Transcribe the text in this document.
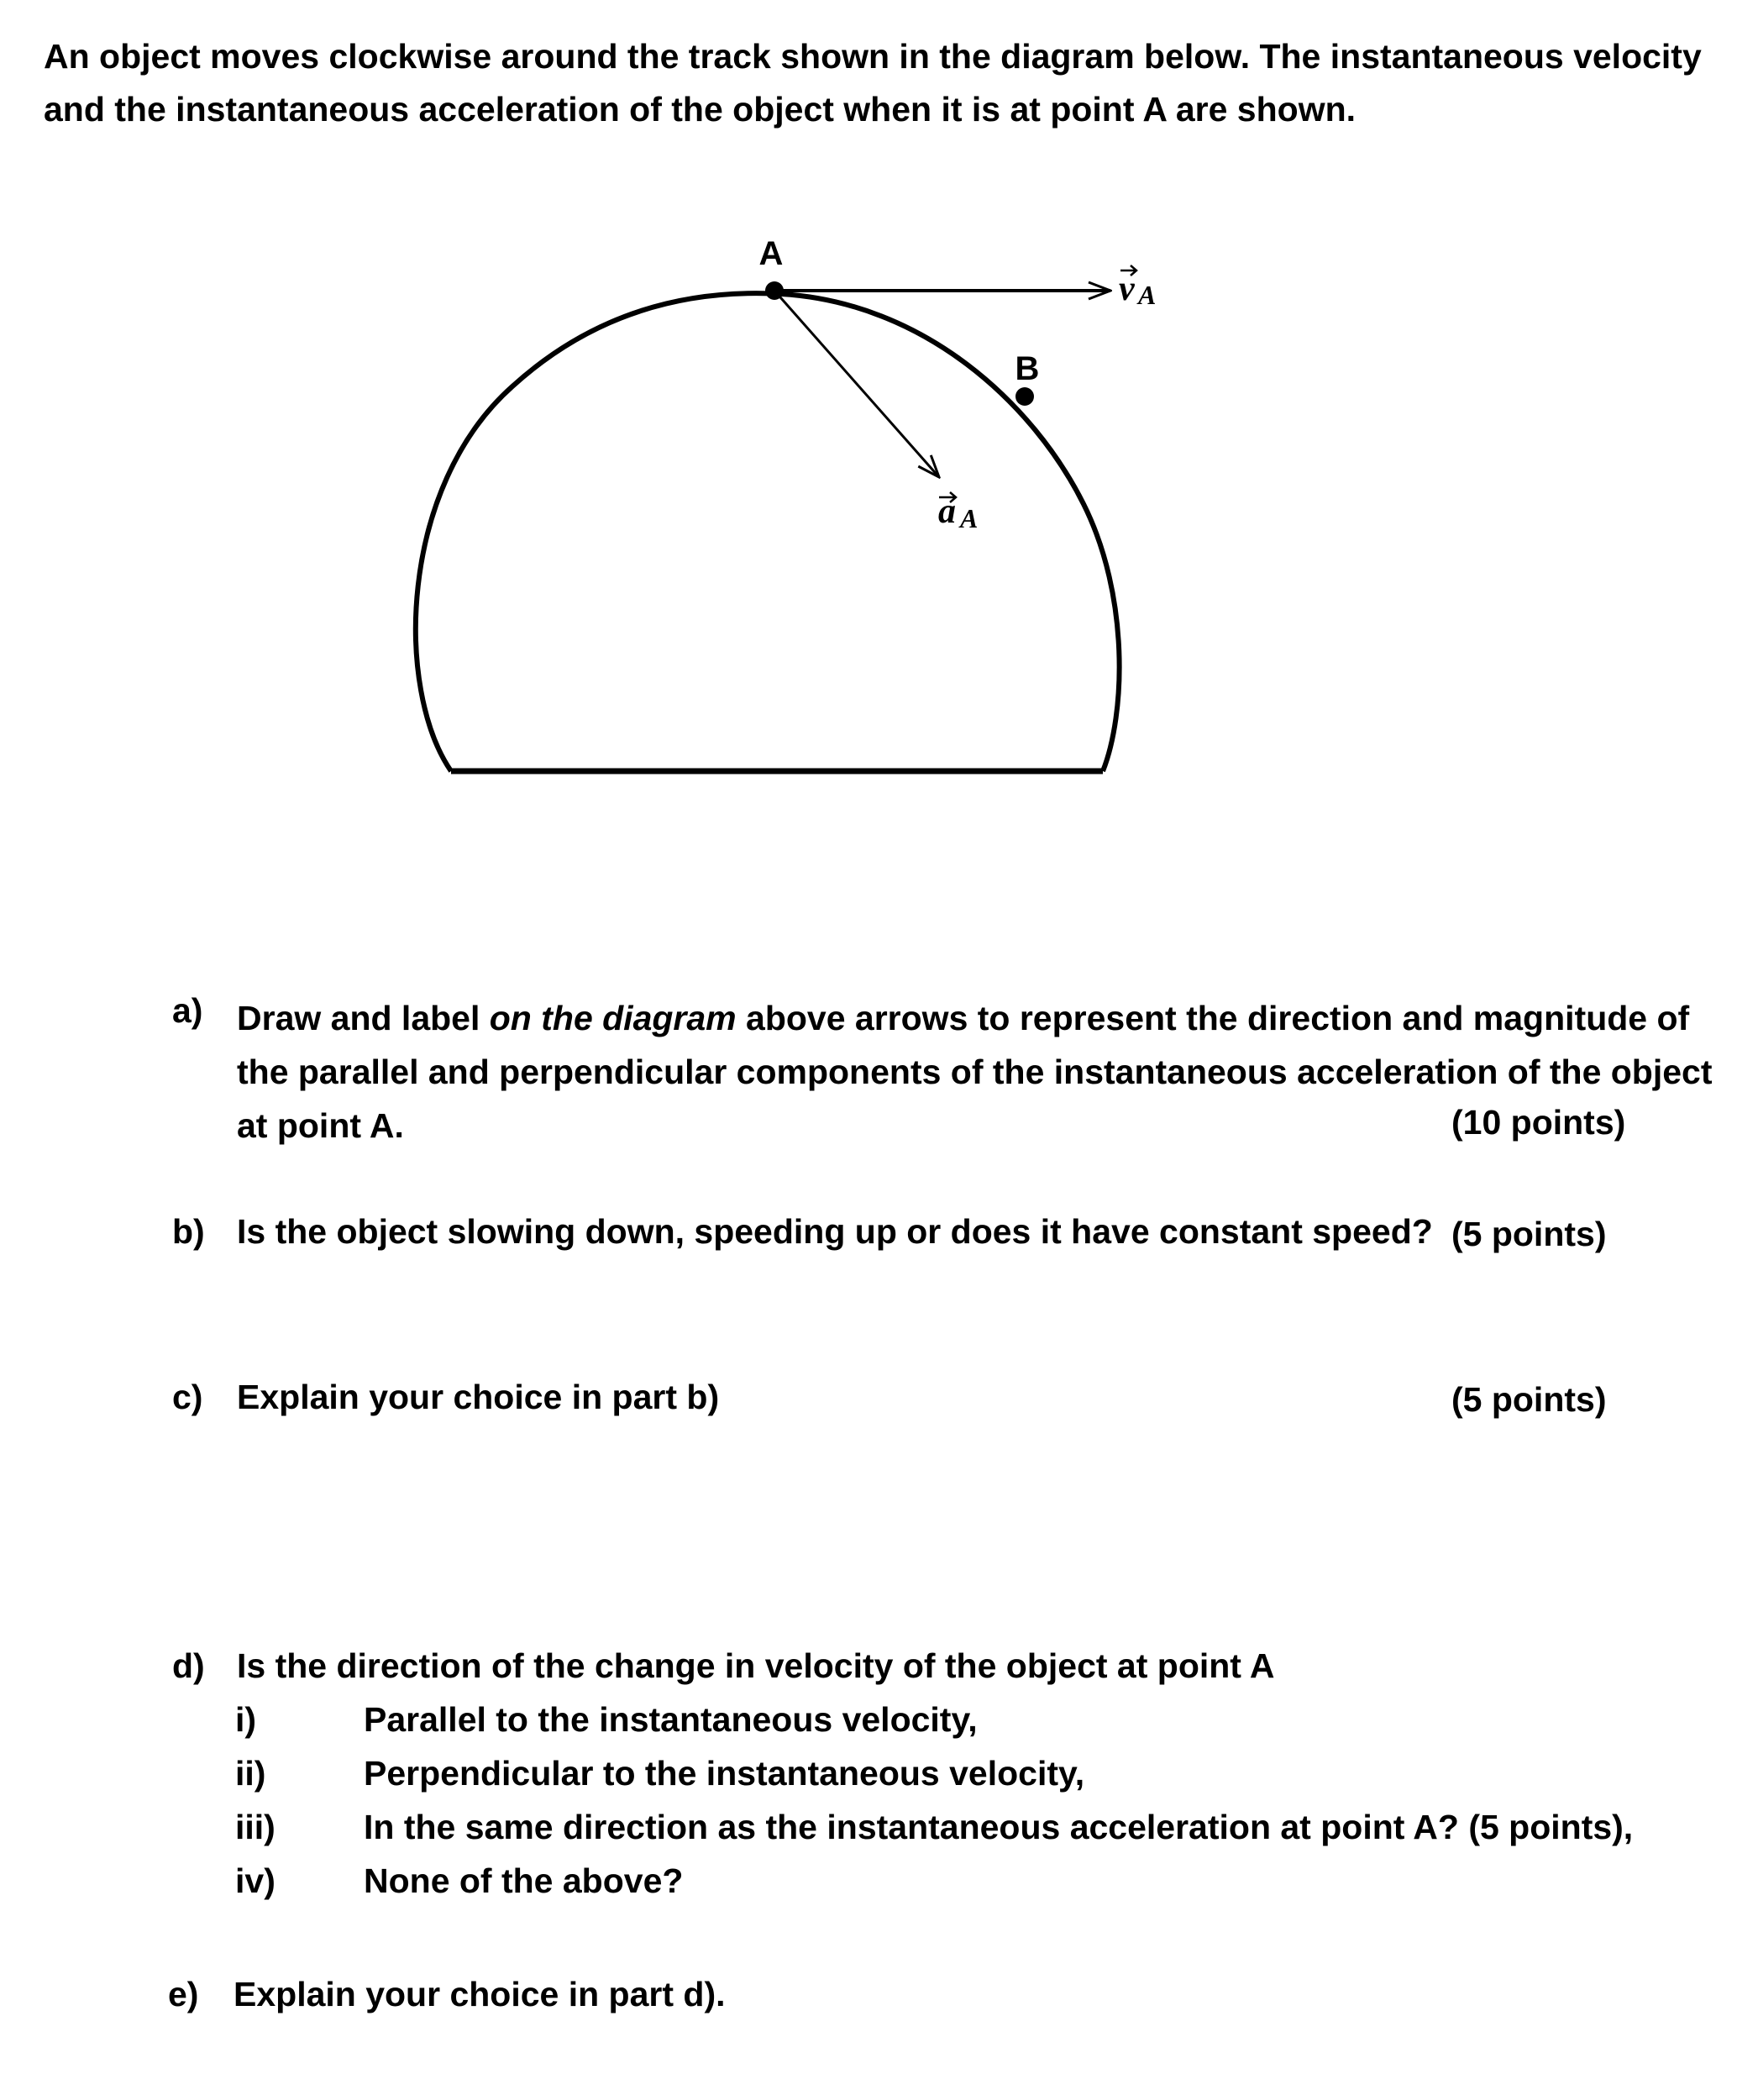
An object moves clockwise around the track shown in the diagram below. The instantaneous velocity
and the instantaneous acceleration of the object when it is at point A are shown.
A
B
v A
a A
a) Draw and label on the diagram above arrows to represent the direction and magnitude of
the parallel and perpendicular components of the instantaneous acceleration of the object
at point A.	(10 points)
b) Is the object slowing down, speeding up or does it have constant speed? (5 points)
c) Explain your choice in part b)	(5 points)
d) Is the direction of the change in velocity of the object at point A
i)	Parallel to the instantaneous velocity,
ii)	Perpendicular to the instantaneous velocity,
iii)	In the same direction as the instantaneous acceleration at point A? (5 points),
iv)	None of the above?
e) Explain your choice in part d).
